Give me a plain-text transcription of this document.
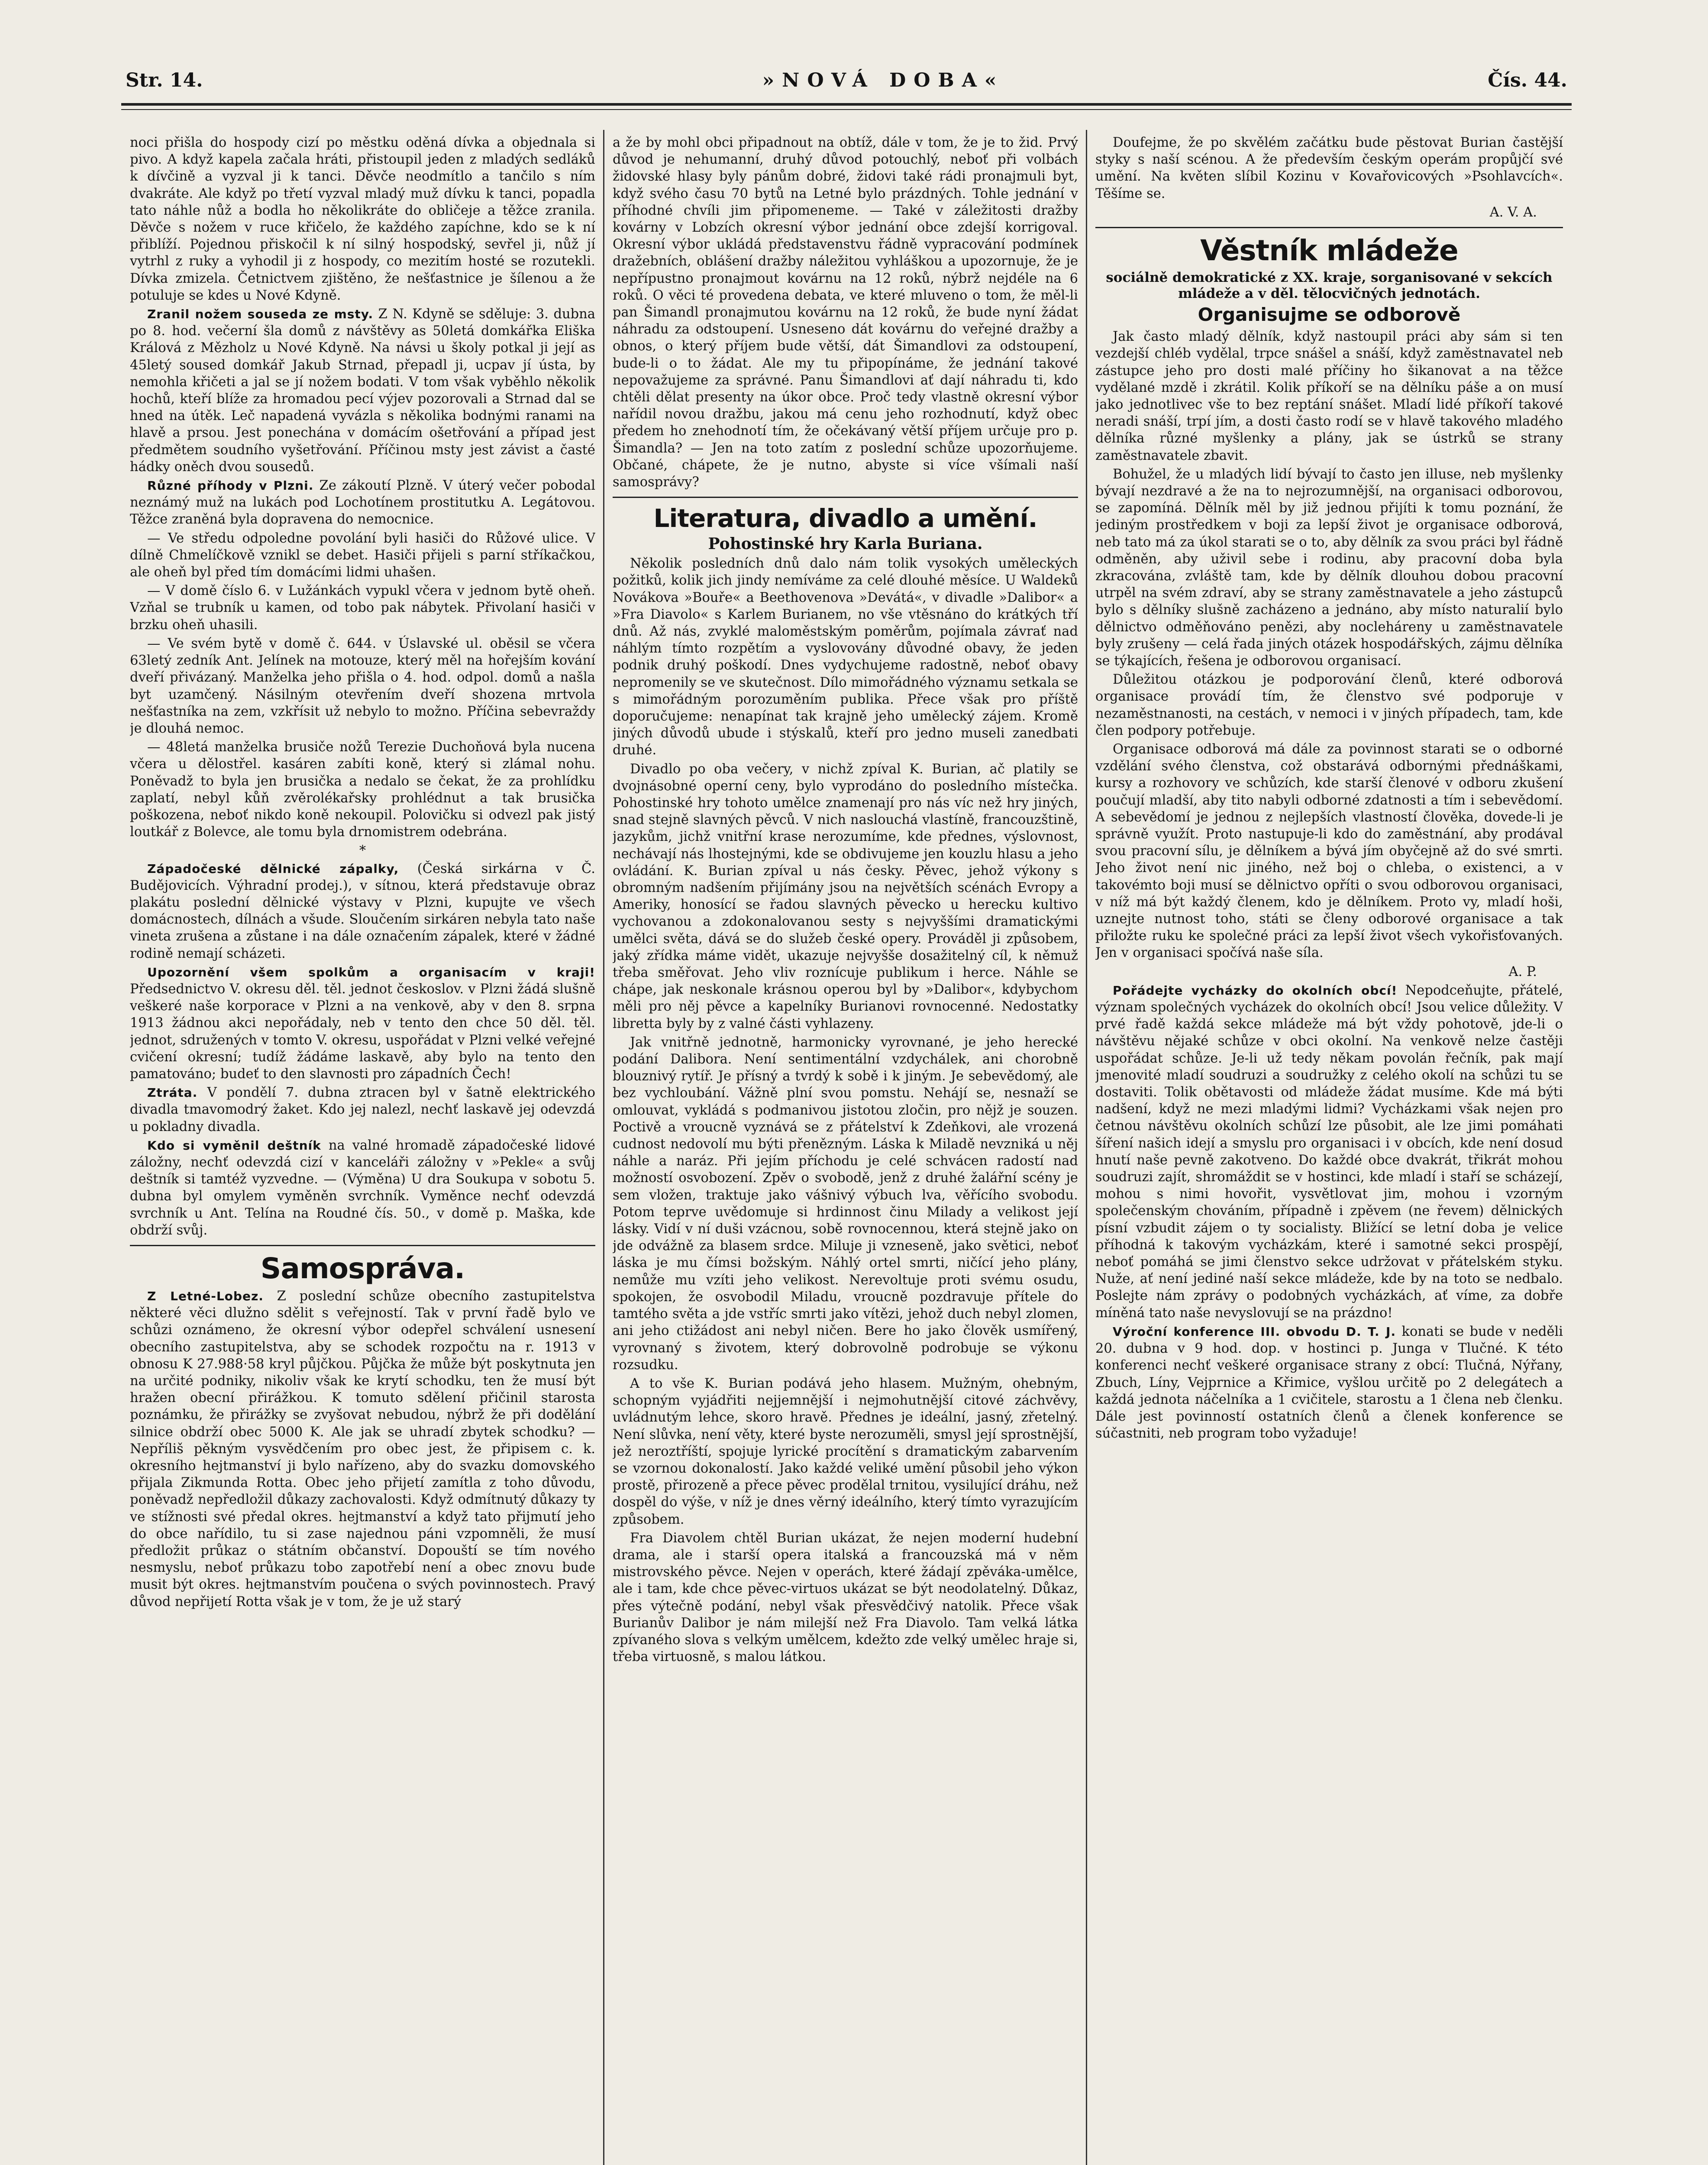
Str. 14.	»NOVÁ DOBA«	Čís. 44.

noci přišla do hospody cizí po městku oděná dívka a objednala si pivo. A když kapela začala hráti, přistoupil jeden z mladých sedláků k dívčině a vyzval ji k tanci. Děvče neodmítlo a tančilo s ním dvakráte. Ale když po třetí vyzval mladý muž dívku k tanci, popadla tato náhle nůž a bodla ho několikráte do obličeje a těžce zranila. Děvče s nožem v ruce křičelo, že každého zapíchne, kdo se k ní přiblíží. Pojednou přiskočil k ní silný hospodský, sevřel ji, nůž jí vytrhl z ruky a vyhodil ji z hospody, co mezitím hosté se rozutekli. Dívka zmizela. Četnictvem zjištěno, že nešťastnice je šílenou a že potuluje se kdes u Nové Kdyně.

Zranil nožem souseda ze msty. Z N. Kdyně se sděluje: 3. dubna po 8. hod. večerní šla domů z návštěvy as 50letá domkářka Eliška Králová z Mězholz u Nové Kdyně. Na návsi u školy potkal ji její as 45letý soused domkář Jakub Strnad, přepadl ji, ucpav jí ústa, by nemohla křičeti a jal se jí nožem bodati. V tom však vyběhlo několik hochů, kteří blíže za hromadou pecí výjev pozorovali a Strnad dal se hned na útěk. Leč napadená vyvázla s několika bodnými ranami na hlavě a prsou. Jest ponechána v domácím ošetřování a případ jest předmětem soudního vyšetřování. Příčinou msty jest závist a časté hádky oněch dvou sousedů.

Různé příhody v Plzni. Ze zákoutí Plzně. V úterý večer pobodal neznámý muž na lukách pod Lochotínem prostitutku A. Legátovou. Těžce zraněná byla dopravena do nemocnice.

— Ve středu odpoledne povolání byli hasiči do Růžové ulice. V dílně Chmelíčkově vznikl se debet. Hasiči přijeli s parní stříkačkou, ale oheň byl před tím domácími lidmi uhašen.

— V domě číslo 6. v Lužánkách vypukl včera v jednom bytě oheň. Vzňal se trubník u kamen, od tobo pak nábytek. Přivolaní hasiči v brzku oheň uhasili.

— Ve svém bytě v domě č. 644. v Úslavské ul. oběsil se včera 63letý zedník Ant. Jelínek na motouze, který měl na hořejším kování dveří přivázaný. Manželka jeho přišla o 4. hod. odpol. domů a našla byt uzamčený. Násilným otevřením dveří shozena mrtvola nešťastníka na zem, vzkřísit už nebylo to možno. Příčina sebevraždy je dlouhá nemoc.

— 48letá manželka brusiče nožů Terezie Duchoňová byla nucena včera u dělostřel. kasáren zabíti koně, který si zlámal nohu. Poněvadž to byla jen brusička a nedalo se čekat, že za prohlídku zaplatí, nebyl kůň zvěrolékařsky prohlédnut a tak brusička poškozena, neboť nikdo koně nekoupil. Polovičku si odvezl pak jistý loutkář z Bolevce, ale tomu byla drnomistrem odebrána.

*

Západočeské dělnické zápalky, (Česká sirkárna v Č. Budějovicích. Výhradní prodej.), v sítnou, která představuje obraz plakátu poslední dělnické výstavy v Plzni, kupujte ve všech domácnostech, dílnách a všude. Sloučením sirkáren nebyla tato naše vineta zrušena a zůstane i na dále označením zápalek, které v žádné rodině nemají scházeti.

Upozornění všem spolkům a organisacím v kraji! Předsednictvo V. okresu děl. těl. jednot českoslov. v Plzni žádá slušně veškeré naše korporace v Plzni a na venkově, aby v den 8. srpna 1913 žádnou akci nepořádaly, neb v tento den chce 50 děl. těl. jednot, sdružených v tomto V. okresu, uspořádat v Plzni velké veřejné cvičení okresní; tudíž žádáme laskavě, aby bylo na tento den pamatováno; budeť to den slavnosti pro západních Čech!

Ztráta. V pondělí 7. dubna ztracen byl v šatně elektrického divadla tmavomodrý žaket. Kdo jej nalezl, nechť laskavě jej odevzdá u pokladny divadla.

Kdo si vyměnil deštník na valné hromadě západočeské lidové záložny, nechť odevzdá cizí v kanceláři záložny v »Pekle« a svůj deštník si tamtéž vyzvedne. — (Výměna) U dra Soukupa v sobotu 5. dubna byl omylem vyměněn svrchník. Vyměnce nechť odevzdá svrchník u Ant. Telína na Roudné čís. 50., v domě p. Maška, kde obdrží svůj.

Samospráva.

Z Letné-Lobez. Z poslední schůze obecního zastupitelstva některé věci dlužno sdělit s veřejností. Tak v první řadě bylo ve schůzi oznámeno, že okresní výbor odepřel schválení usnesení obecního zastupitelstva, aby se schodek rozpočtu na r. 1913 v obnosu K 27.988·58 kryl půjčkou. Půjčka že může být poskytnuta jen na určité podniky, nikoliv však ke krytí schodku, ten že musí být hražen obecní přirážkou. K tomuto sdělení přičinil starosta poznámku, že přirážky se zvyšovat nebudou, nýbrž že při dodělání silnice obdrží obec 5000 K. Ale jak se uhradí zbytek schodku? — Nepříliš pěkným vysvědčením pro obec jest, že připisem c. k. okresního hejtmanství ji bylo nařízeno, aby do svazku domovského přijala Zikmunda Rotta. Obec jeho přijetí zamítla z toho důvodu, poněvadž nepředložil důkazy zachovalosti. Když odmítnutý důkazy ty ve stížnosti své předal okres. hejtmanství a když tato přijmutí jeho do obce nařídilo, tu si zase najednou páni vzpomněli, že musí předložit průkaz o státním občanství. Dopouští se tím nového nesmyslu, neboť průkazu tobo zapotřebí není a obec znovu bude musit být okres. hejtmanstvím poučena o svých povinnostech. Pravý důvod nepřijetí Rotta však je v tom, že je už starý

a že by mohl obci připadnout na obtíž, dále v tom, že je to žid. Prvý důvod je nehumanní, druhý důvod potouchlý, neboť při volbách židovské hlasy byly pánům dobré, židovi také rádi pronajmuli byt, když svého času 70 bytů na Letné bylo prázdných. Tohle jednání v příhodné chvíli jim připomeneme. — Také v záležitosti dražby kovárny v Lobzích okresní výbor jednání obce zdejší korrigoval. Okresní výbor ukládá představenstvu řádně vypracování podmínek dražebních, oblášení dražby náležitou vyhláškou a upozornuje, že je nepřípustno pronajmout kovárnu na 12 roků, nýbrž nejdéle na 6 roků. O věci té provedena debata, ve které mluveno o tom, že měl-li pan Šimandl pronajmutou kovárnu na 12 roků, že bude nyní žádat náhradu za odstoupení. Usneseno dát kovárnu do veřejné dražby a obnos, o který příjem bude větší, dát Šimandlovi za odstoupení, bude-li o to žádat. Ale my tu připopínáme, že jednání takové nepovažujeme za správné. Panu Šimandlovi ať dají náhradu ti, kdo chtěli dělat presenty na úkor obce. Proč tedy vlastně okresní výbor nařídil novou dražbu, jakou má cenu jeho rozhodnutí, když obec předem ho znehodnotí tím, že očekávaný větší příjem určuje pro p. Šimandla? — Jen na toto zatím z poslední schůze upozorňujeme. Občané, chápete, že je nutno, abyste si více všímali naší samosprávy?

Literatura, divadlo a umění.
Pohostinské hry Karla Buriana.

Několik posledních dnů dalo nám tolik vysokých uměleckých požitků, kolik jich jindy nemíváme za celé dlouhé měsíce. U Waldeků Novákova »Bouře« a Beethovenova »Devátá«, v divadle »Dalibor« a »Fra Diavolo« s Karlem Burianem, no vše vtěsnáno do krátkých tří dnů. Až nás, zvyklé maloměstským poměrům, pojímala závrať nad náhlým tímto rozpětím a vyslovovány důvodné obavy, že jeden podnik druhý poškodí. Dnes vydychujeme radostně, neboť obavy nepromenily se ve skutečnost. Dílo mimořádného významu setkala se s mimořádným porozuměním publika. Přece však pro příště doporučujeme: nenapínat tak krajně jeho umělecký zájem. Kromě jiných důvodů ubude i stýskalů, kteří pro jedno museli zanedbati druhé.

Divadlo po oba večery, v nichž zpíval K. Burian, ač platily se dvojnásobné operní ceny, bylo vyprodáno do posledního místečka. Pohostinské hry tohoto umělce znamenají pro nás víc než hry jiných, snad stejně slavných pěvců. V nich naslouchá vlastíně, francouzštině, jazykům, jichž vnitřní krase nerozumíme, kde přednes, výslovnost, nechávají nás lhostejnými, kde se obdivujeme jen kouzlu hlasu a jeho ovládání. K. Burian zpíval u nás česky. Pěvec, jehož výkony s obromným nadšením přijímány jsou na největších scénách Evropy a Ameriky, honosící se řadou slavných pěvecko u herecku kultivo vychovanou a zdokonalovanou sesty s nejvyššími dramatickými umělci světa, dává se do služeb české opery. Prováděl ji způsobem, jaký zřídka máme vidět, ukazuje nejvyšše dosažitelný cíl, k němuž třeba směřovat. Jeho vliv roznícuje publikum i herce. Náhle se chápe, jak neskonale krásnou operou byl by »Dalibor«, kdybychom měli pro něj pěvce a kapelníky Burianovi rovnocenné. Nedostatky libretta byly by z valné části vyhlazeny.

Jak vnitřně jednotně, harmonicky vyrovnané, je jeho herecké podání Dalibora. Není sentimentální vzdychálek, ani chorobně blouznivý rytíř. Je přísný a tvrdý k sobě i k jiným. Je sebevědomý, ale bez vychloubání. Vážně plní svou pomstu. Nehájí se, nesnaží se omlouvat, vykládá s podmanivou jistotou zločin, pro nějž je souzen. Poctivě a vroucně vyznává se z přátelství k Zdeňkovi, ale vrozená cudnost nedovolí mu býti přenězným. Láska k Miladě nevzniká u něj náhle a naráz. Při jejím příchodu je celé schvácen radostí nad možností osvobození. Zpěv o svobodě, jenž z druhé žalářní scény je sem vložen, traktuje jako vášnivý výbuch lva, věřícího svobodu. Potom teprve uvědomuje si hrdinnost činu Milady a velikost její lásky. Vidí v ní duši vzácnou, sobě rovnocennou, která stejně jako on jde odvážně za blasem srdce. Miluje ji vzneseně, jako světici, neboť láska je mu čímsi božským. Náhlý ortel smrti, ničící jeho plány, nemůže mu vzíti jeho velikost. Nerevoltuje proti svému osudu, spokojen, že osvobodil Miladu, vroucně pozdravuje přítele do tamtého světa a jde vstříc smrti jako vítězi, jehož duch nebyl zlomen, ani jeho ctižádost ani nebyl ničen. Bere ho jako člověk usmířený, vyrovnaný s životem, který dobrovolně podrobuje se výkonu rozsudku.

A to vše K. Burian podává jeho hlasem. Mužným, ohebným, schopným vyjádřiti nejjemnější i nejmohutnější citové záchvěvy, uvládnutým lehce, skoro hravě. Přednes je ideální, jasný, zřetelný. Není slůvka, není věty, které byste nerozuměli, smysl její sprostnější, jež neroztříští, spojuje lyrické procítění s dramatickým zabarvením se vzornou dokonalostí. Jako každé veliké umění působil jeho výkon prostě, přirozeně a přece pěvec prodělal trnitou, vysilující dráhu, než dospěl do výše, v níž je dnes věrný ideálního, který tímto vyrazujícím způsobem.

Fra Diavolem chtěl Burian ukázat, že nejen moderní hudební drama, ale i starší opera italská a francouzská má v něm mistrovského pěvce. Nejen v operách, které žádají zpěváka-umělce, ale i tam, kde chce pěvec-virtuos ukázat se být neodolatelný. Důkaz, přes výtečně podání, nebyl však přesvědčivý natolik. Přece však Burianův Dalibor je nám milejší než Fra Diavolo. Tam velká látka zpívaného slova s velkým umělcem, kdežto zde velký umělec hraje si, třeba virtuosně, s malou látkou.

Doufejme, že po skvělém začátku bude pěstovat Burian častější styky s naší scénou. A že především českým operám propůjčí své umění. Na květen slíbil Kozinu v Kovařovicových »Psohlavcích«. Těšíme se.

A. V. A.

Věstník mládeže
sociálně demokratické z XX. kraje, sorganisované v sekcích mládeže a v děl. tělocvičných jednotách.
Organisujme se odborově

Jak často mladý dělník, když nastoupil práci aby sám si ten vezdejší chléb vydělal, trpce snášel a snáší, když zaměstnavatel neb zástupce jeho pro dosti malé příčiny ho šikanovat a na těžce vydělané mzdě i zkrátil. Kolik příkoří se na dělníku páše a on musí jako jednotlivec vše to bez reptání snášet. Mladí lidé příkoří takové neradi snáší, trpí jím, a dosti často rodí se v hlavě takového mladého dělníka různé myšlenky a plány, jak se ústrků se strany zaměstnavatele zbavit.

Bohužel, že u mladých lidí bývají to často jen illuse, neb myšlenky bývají nezdravé a že na to nejrozumnější, na organisaci odborovou, se zapomíná. Dělník měl by již jednou přijíti k tomu poznání, že jediným prostředkem v boji za lepší život je organisace odborová, neb tato má za úkol starati se o to, aby dělník za svou práci byl řádně odměněn, aby uživil sebe i rodinu, aby pracovní doba byla zkracována, zvláště tam, kde by dělník dlouhou dobou pracovní utrpěl na svém zdraví, aby se strany zaměstnavatele a jeho zástupců bylo s dělníky slušně zacházeno a jednáno, aby místo naturalií bylo dělnictvo odměňováno penězi, aby nocleháreny u zaměstnavatele byly zrušeny — celá řada jiných otázek hospodářských, zájmu dělníka se týkajících, řešena je odborovou organisací.

Důležitou otázkou je podporování členů, které odborová organisace provádí tím, že členstvo své podporuje v nezaměstnanosti, na cestách, v nemoci i v jiných případech, tam, kde člen podpory potřebuje.

Organisace odborová má dále za povinnost starati se o odborné vzdělání svého členstva, což obstarává odbornými přednáškami, kursy a rozhovory ve schůzích, kde starší členové v odboru zkušení poučují mladší, aby tito nabyli odborné zdatnosti a tím i sebevědomí. A sebevědomí je jednou z nejlepších vlastností člověka, dovede-li je správně využít. Proto nastupuje-li kdo do zaměstnání, aby prodával svou pracovní sílu, je dělníkem a bývá jím obyčejně až do své smrti. Jeho život není nic jiného, než boj o chleba, o existenci, a v takovémto boji musí se dělnictvo opříti o svou odborovou organisaci, v níž má být každý členem, kdo je dělníkem. Proto vy, mladí hoši, uznejte nutnost toho, státi se členy odborové organisace a tak přiložte ruku ke společné práci za lepší život všech vykořisťovaných. Jen v organisaci spočívá naše síla.

A. P.

Pořádejte vycházky do okolních obcí! Nepodceňujte, přátelé, význam společných vycházek do okolních obcí! Jsou velice důležity. V prvé řadě každá sekce mládeže má být vždy pohotově, jde-li o návštěvu nějaké schůze v obci okolní. Na venkově nelze častěji uspořádat schůze. Je-li už tedy někam povolán řečník, pak mají jmenovité mladí soudruzi a soudružky z celého okolí na schůzi tu se dostaviti. Tolik obětavosti od mládeže žádat musíme. Kde má býti nadšení, když ne mezi mladými lidmi? Vycházkami však nejen pro četnou návštěvu okolních schůzí lze působit, ale lze jimi pomáhati šíření našich idejí a smyslu pro organisaci i v obcích, kde není dosud hnutí naše pevně zakotveno. Do každé obce dvakrát, třikrát mohou soudruzi zajít, shromáždit se v hostinci, kde mladí i staří se scházejí, mohou s nimi hovořit, vysvětlovat jim, mohou i vzorným společenským chováním, případně i zpěvem (ne řevem) dělnických písní vzbudit zájem o ty socialisty. Bližící se letní doba je velice příhodná k takovým vycházkám, které i samotné sekci prospějí, neboť pomáhá se jimi členstvo sekce udržovat v přátelském styku. Nuže, ať není jediné naší sekce mládeže, kde by na toto se nedbalo. Poslejte nám zprávy o podobných vycházkách, ať víme, za dobře míněná tato naše nevyslovují se na prázdno!

Výroční konference III. obvodu D. T. J. konati se bude v neděli 20. dubna v 9 hod. dop. v hostinci p. Junga v Tlučné. K této konferenci nechť veškeré organisace strany z obcí: Tlučná, Nýřany, Zbuch, Líny, Vejprnice a Křimice, vyšlou určitě po 2 delegátech a každá jednota náčelníka a 1 cvičitele, starostu a 1 člena neb členku. Dále jest povinností ostatních členů a členek konference se súčastniti, neb program tobo vyžaduje!
